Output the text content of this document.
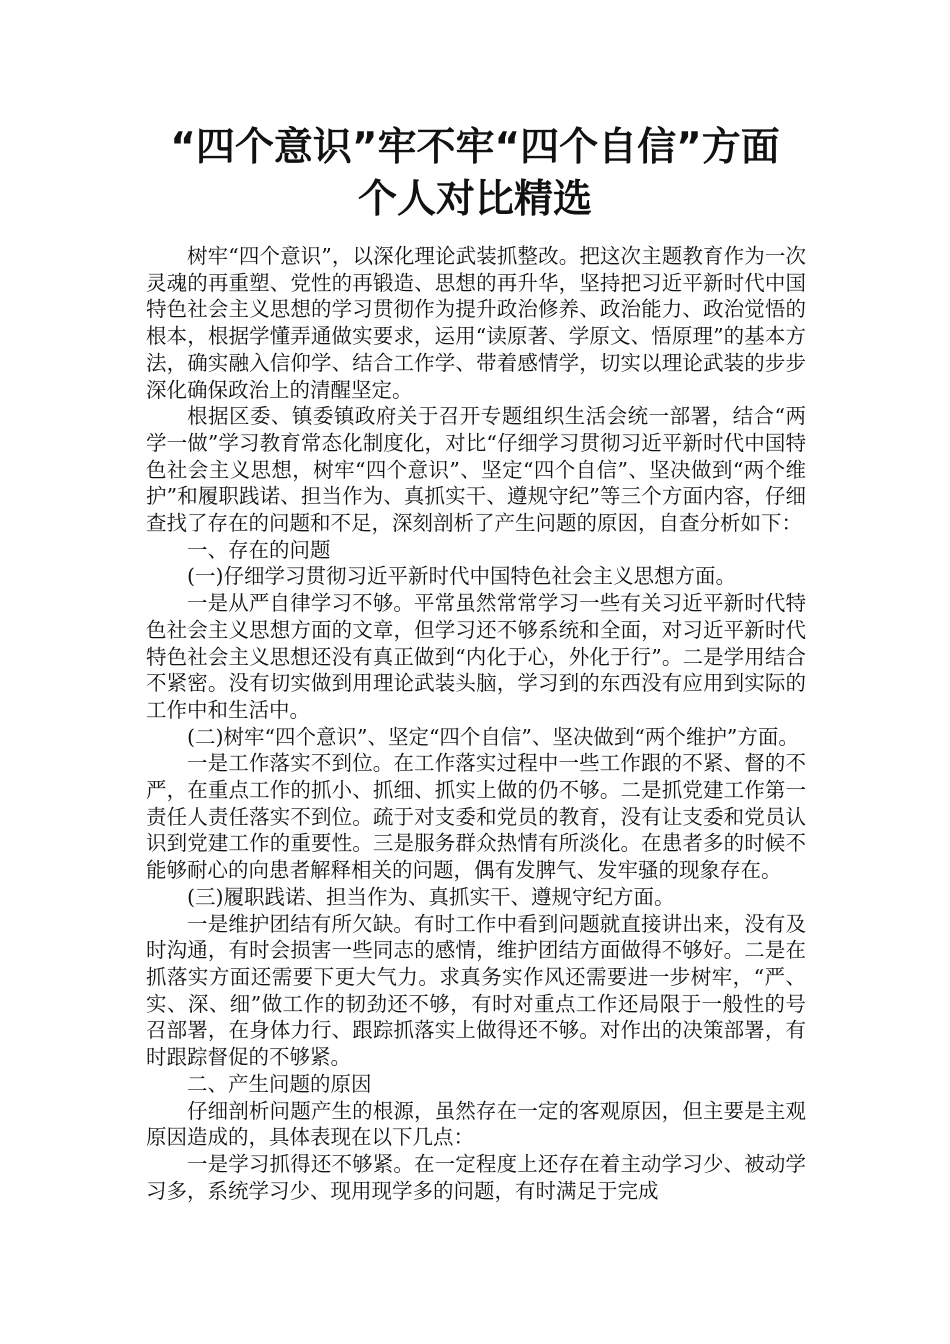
“四个意识”牢不牢“四个自信”方面
个人对比精选

树牢“四个意识”，以深化理论武装抓整改。把这次主题教育作为一次灵魂的再重塑、党性的再锻造、思想的再升华，坚持把习近平新时代中国特色社会主义思想的学习贯彻作为提升政治修养、政治能力、政治觉悟的根本，根据学懂弄通做实要求，运用“读原著、学原文、悟原理”的基本方法，确实融入信仰学、结合工作学、带着感情学，切实以理论武装的步步深化确保政治上的清醒坚定。

根据区委、镇委镇政府关于召开专题组织生活会统一部署，结合“两学一做”学习教育常态化制度化，对比“仔细学习贯彻习近平新时代中国特色社会主义思想，树牢“四个意识”、坚定“四个自信”、坚决做到“两个维护”和履职践诺、担当作为、真抓实干、遵规守纪”等三个方面内容，仔细查找了存在的问题和不足，深刻剖析了产生问题的原因，自查分析如下：

一、存在的问题

(一)仔细学习贯彻习近平新时代中国特色社会主义思想方面。

一是从严自律学习不够。平常虽然常常学习一些有关习近平新时代特色社会主义思想方面的文章，但学习还不够系统和全面，对习近平新时代特色社会主义思想还没有真正做到“内化于心，外化于行”。二是学用结合不紧密。没有切实做到用理论武装头脑，学习到的东西没有应用到实际的工作中和生活中。

(二)树牢“四个意识”、坚定“四个自信”、坚决做到“两个维护”方面。

一是工作落实不到位。在工作落实过程中一些工作跟的不紧、督的不严，在重点工作的抓小、抓细、抓实上做的仍不够。二是抓党建工作第一责任人责任落实不到位。疏于对支委和党员的教育，没有让支委和党员认识到党建工作的重要性。三是服务群众热情有所淡化。在患者多的时候不能够耐心的向患者解释相关的问题，偶有发脾气、发牢骚的现象存在。

(三)履职践诺、担当作为、真抓实干、遵规守纪方面。

一是维护团结有所欠缺。有时工作中看到问题就直接讲出来，没有及时沟通，有时会损害一些同志的感情，维护团结方面做得不够好。二是在抓落实方面还需要下更大气力。求真务实作风还需要进一步树牢，“严、实、深、细”做工作的韧劲还不够，有时对重点工作还局限于一般性的号召部署，在身体力行、跟踪抓落实上做得还不够。对作出的决策部署，有时跟踪督促的不够紧。

二、产生问题的原因

仔细剖析问题产生的根源，虽然存在一定的客观原因，但主要是主观原因造成的，具体表现在以下几点：

一是学习抓得还不够紧。在一定程度上还存在着主动学习少、被动学习多，系统学习少、现用现学多的问题，有时满足于完成
